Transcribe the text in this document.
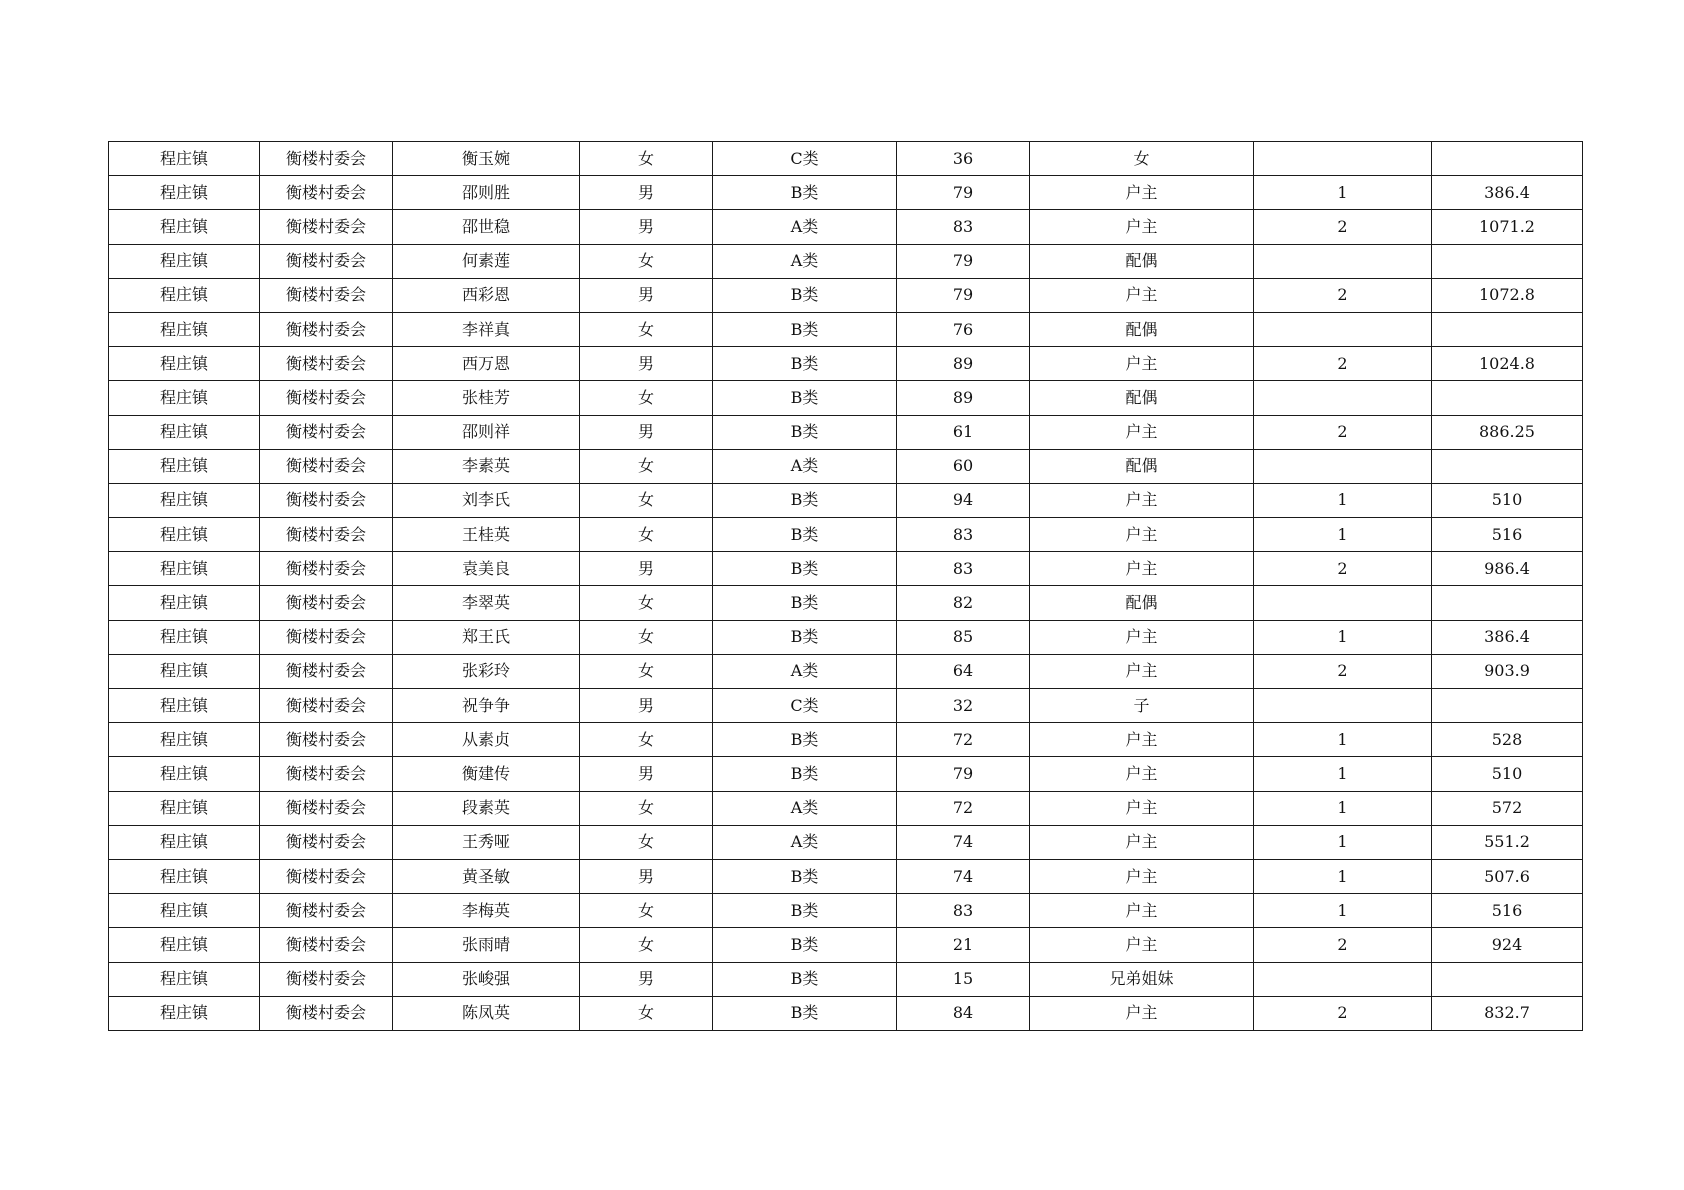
程庄镇	衡楼村委会	衡玉婉	女	C类	36	女		
程庄镇	衡楼村委会	邵则胜	男	B类	79	户主	1	386.4
程庄镇	衡楼村委会	邵世稳	男	A类	83	户主	2	1071.2
程庄镇	衡楼村委会	何素莲	女	A类	79	配偶		
程庄镇	衡楼村委会	西彩恩	男	B类	79	户主	2	1072.8
程庄镇	衡楼村委会	李祥真	女	B类	76	配偶		
程庄镇	衡楼村委会	西万恩	男	B类	89	户主	2	1024.8
程庄镇	衡楼村委会	张桂芳	女	B类	89	配偶		
程庄镇	衡楼村委会	邵则祥	男	B类	61	户主	2	886.25
程庄镇	衡楼村委会	李素英	女	A类	60	配偶		
程庄镇	衡楼村委会	刘李氏	女	B类	94	户主	1	510
程庄镇	衡楼村委会	王桂英	女	B类	83	户主	1	516
程庄镇	衡楼村委会	袁美良	男	B类	83	户主	2	986.4
程庄镇	衡楼村委会	李翠英	女	B类	82	配偶		
程庄镇	衡楼村委会	郑王氏	女	B类	85	户主	1	386.4
程庄镇	衡楼村委会	张彩玲	女	A类	64	户主	2	903.9
程庄镇	衡楼村委会	祝争争	男	C类	32	子		
程庄镇	衡楼村委会	从素贞	女	B类	72	户主	1	528
程庄镇	衡楼村委会	衡建传	男	B类	79	户主	1	510
程庄镇	衡楼村委会	段素英	女	A类	72	户主	1	572
程庄镇	衡楼村委会	王秀哑	女	A类	74	户主	1	551.2
程庄镇	衡楼村委会	黄圣敏	男	B类	74	户主	1	507.6
程庄镇	衡楼村委会	李梅英	女	B类	83	户主	1	516
程庄镇	衡楼村委会	张雨晴	女	B类	21	户主	2	924
程庄镇	衡楼村委会	张峻强	男	B类	15	兄弟姐妹		
程庄镇	衡楼村委会	陈凤英	女	B类	84	户主	2	832.7
